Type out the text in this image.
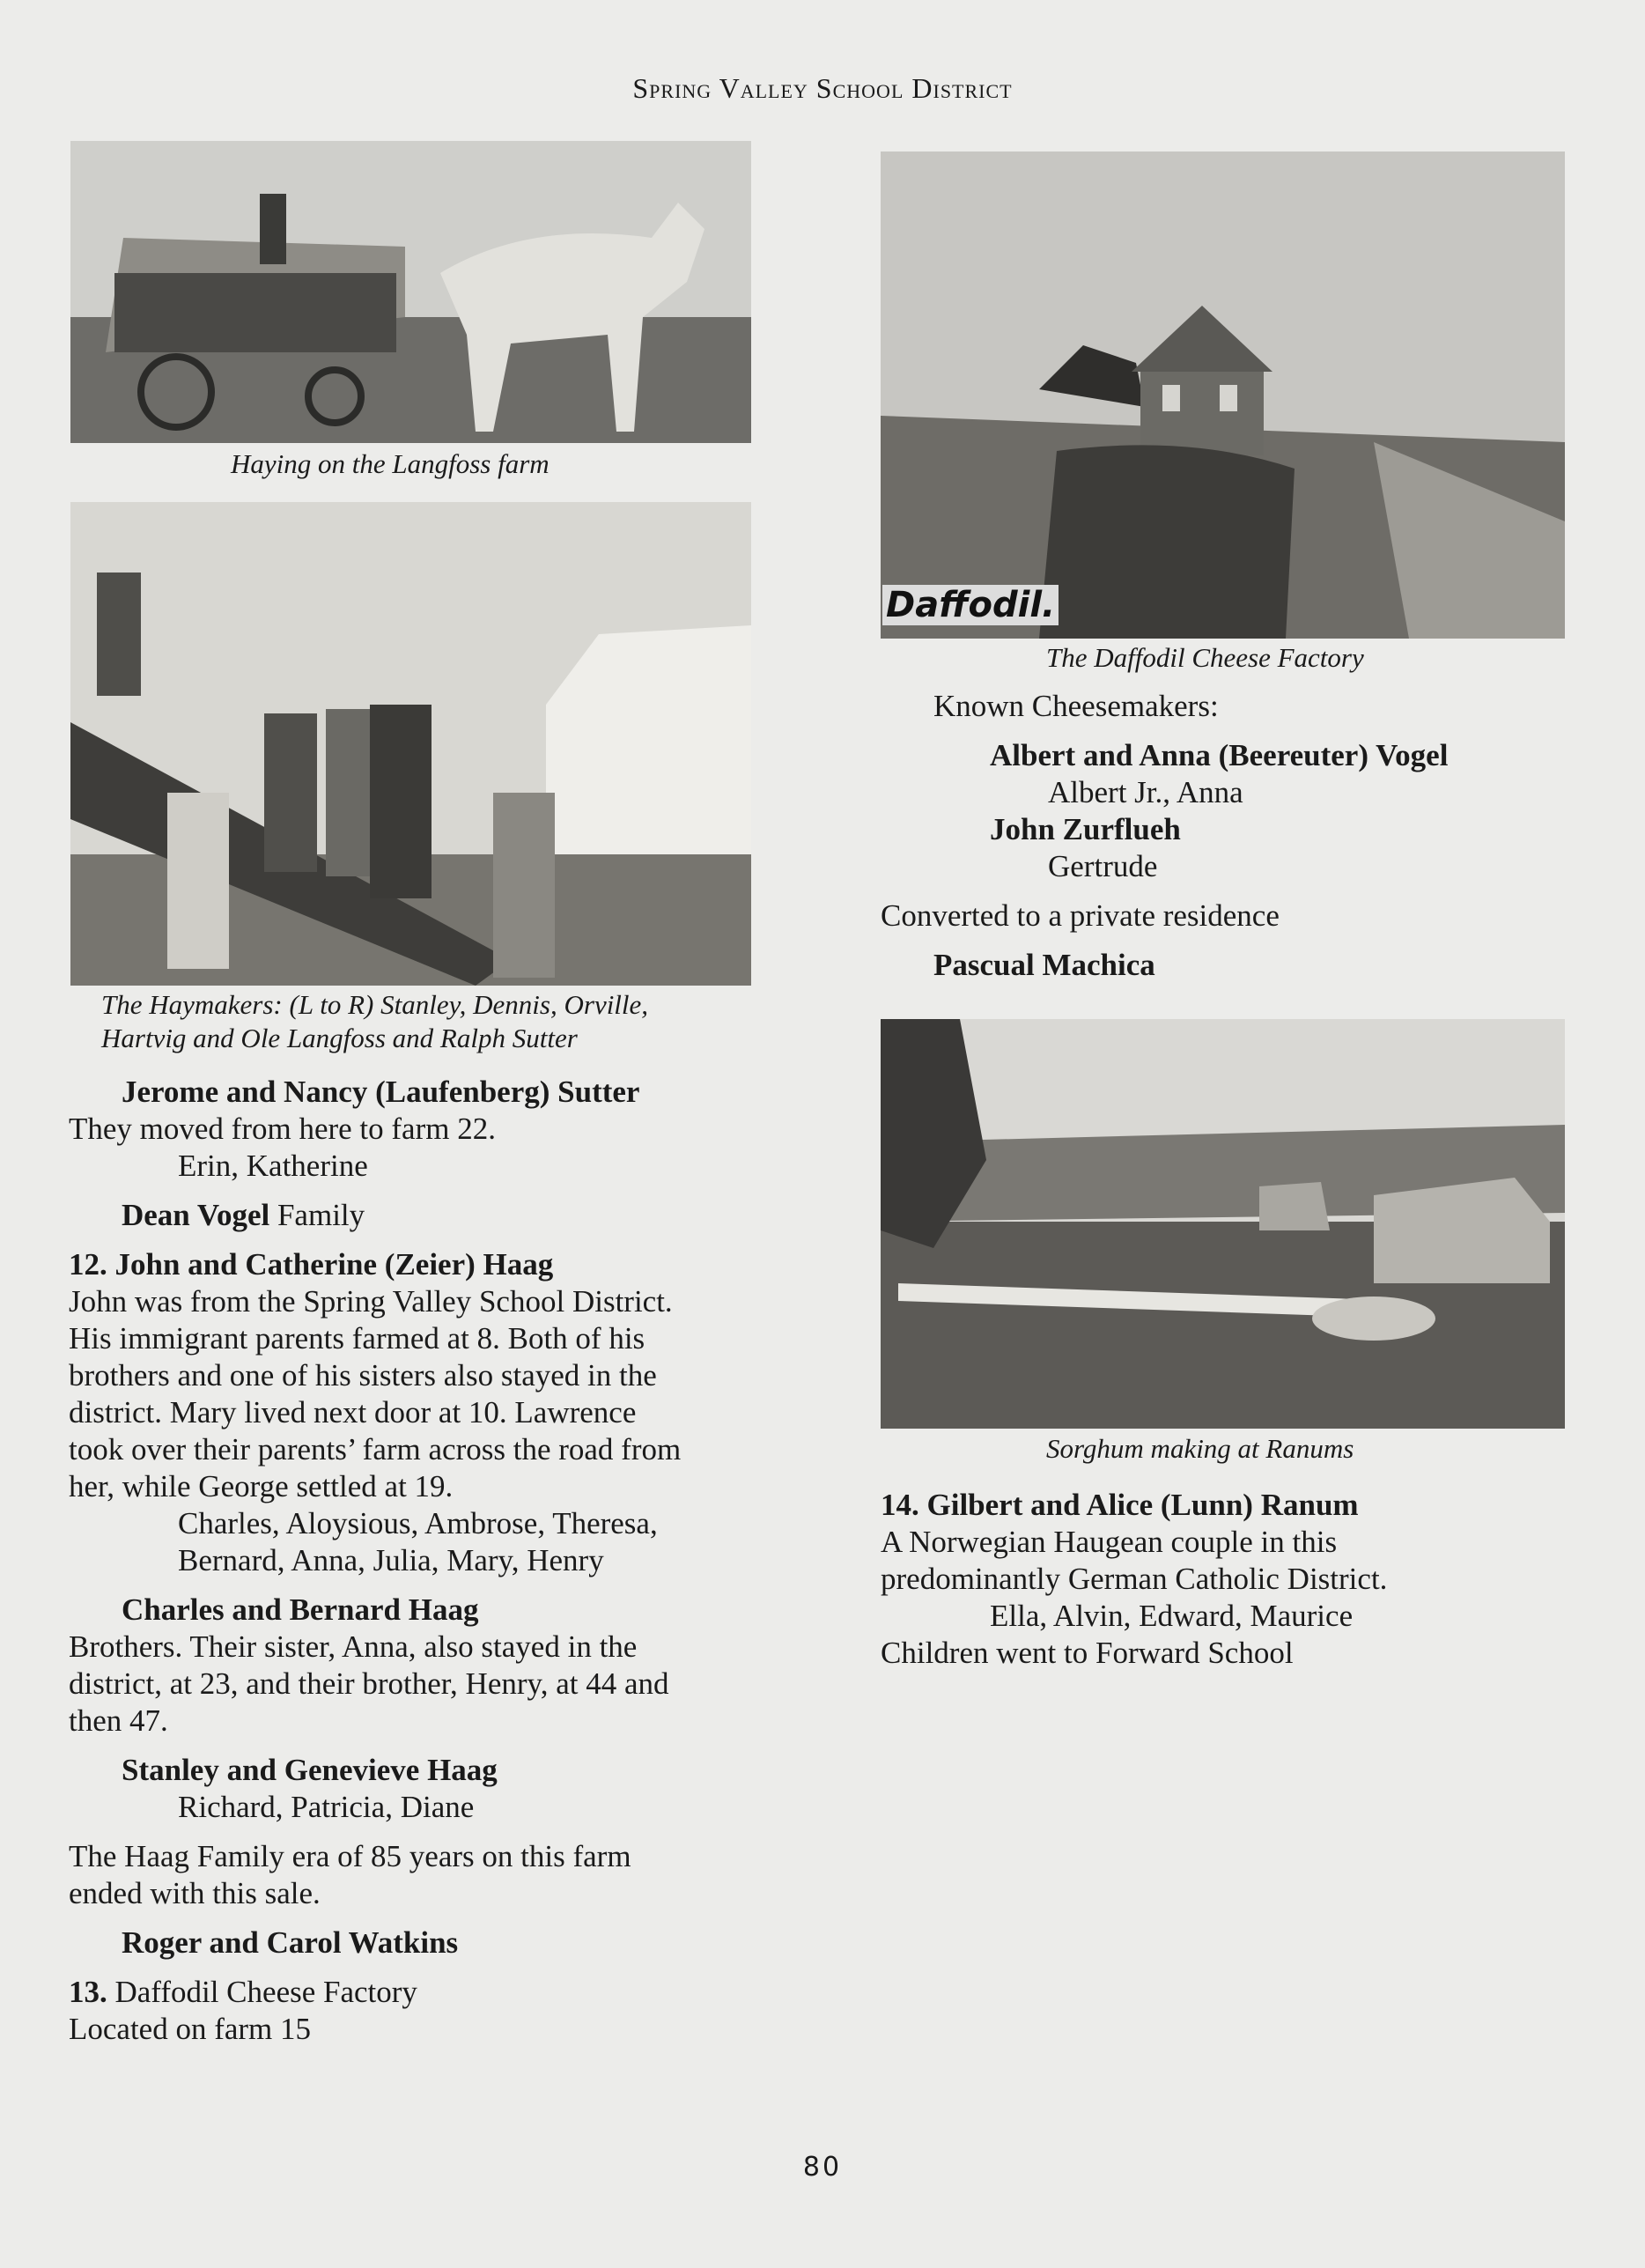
Spring Valley School District
Haying on the Langfoss farm
The Haymakers: (L to R) Stanley, Dennis, Orville,
Hartvig and Ole Langfoss and Ralph Sutter
Daffodil.
The Daffodil Cheese Factory
Sorghum making at Ranums

Jerome and Nancy (Laufenberg) Sutter

They moved from here to farm 22.

Erin, Katherine

Dean Vogel Family

12. John and Catherine (Zeier) Haag

John was from the Spring Valley School District.

His immigrant parents farmed at 8. Both of his

brothers and one of his sisters also stayed in the

district. Mary lived next door at 10. Lawrence

took over their parents’ farm across the road from

her, while George settled at 19.

Charles, Aloysious, Ambrose, Theresa,

Bernard, Anna, Julia, Mary, Henry

Charles and Bernard Haag

Brothers. Their sister, Anna, also stayed in the

district, at 23, and their brother, Henry, at 44 and

then 47.

Stanley and Genevieve Haag

Richard, Patricia, Diane

The Haag Family era of 85 years on this farm

ended with this sale.

Roger and Carol Watkins

13. Daffodil Cheese Factory

Located on farm 15

Known Cheesemakers:

Albert and Anna (Beereuter) Vogel

Albert Jr., Anna

John Zurflueh

Gertrude

Converted to a private residence

Pascual Machica

14. Gilbert and Alice (Lunn) Ranum

A Norwegian Haugean couple in this

predominantly German Catholic District.

Ella, Alvin, Edward, Maurice

Children went to Forward School

80
